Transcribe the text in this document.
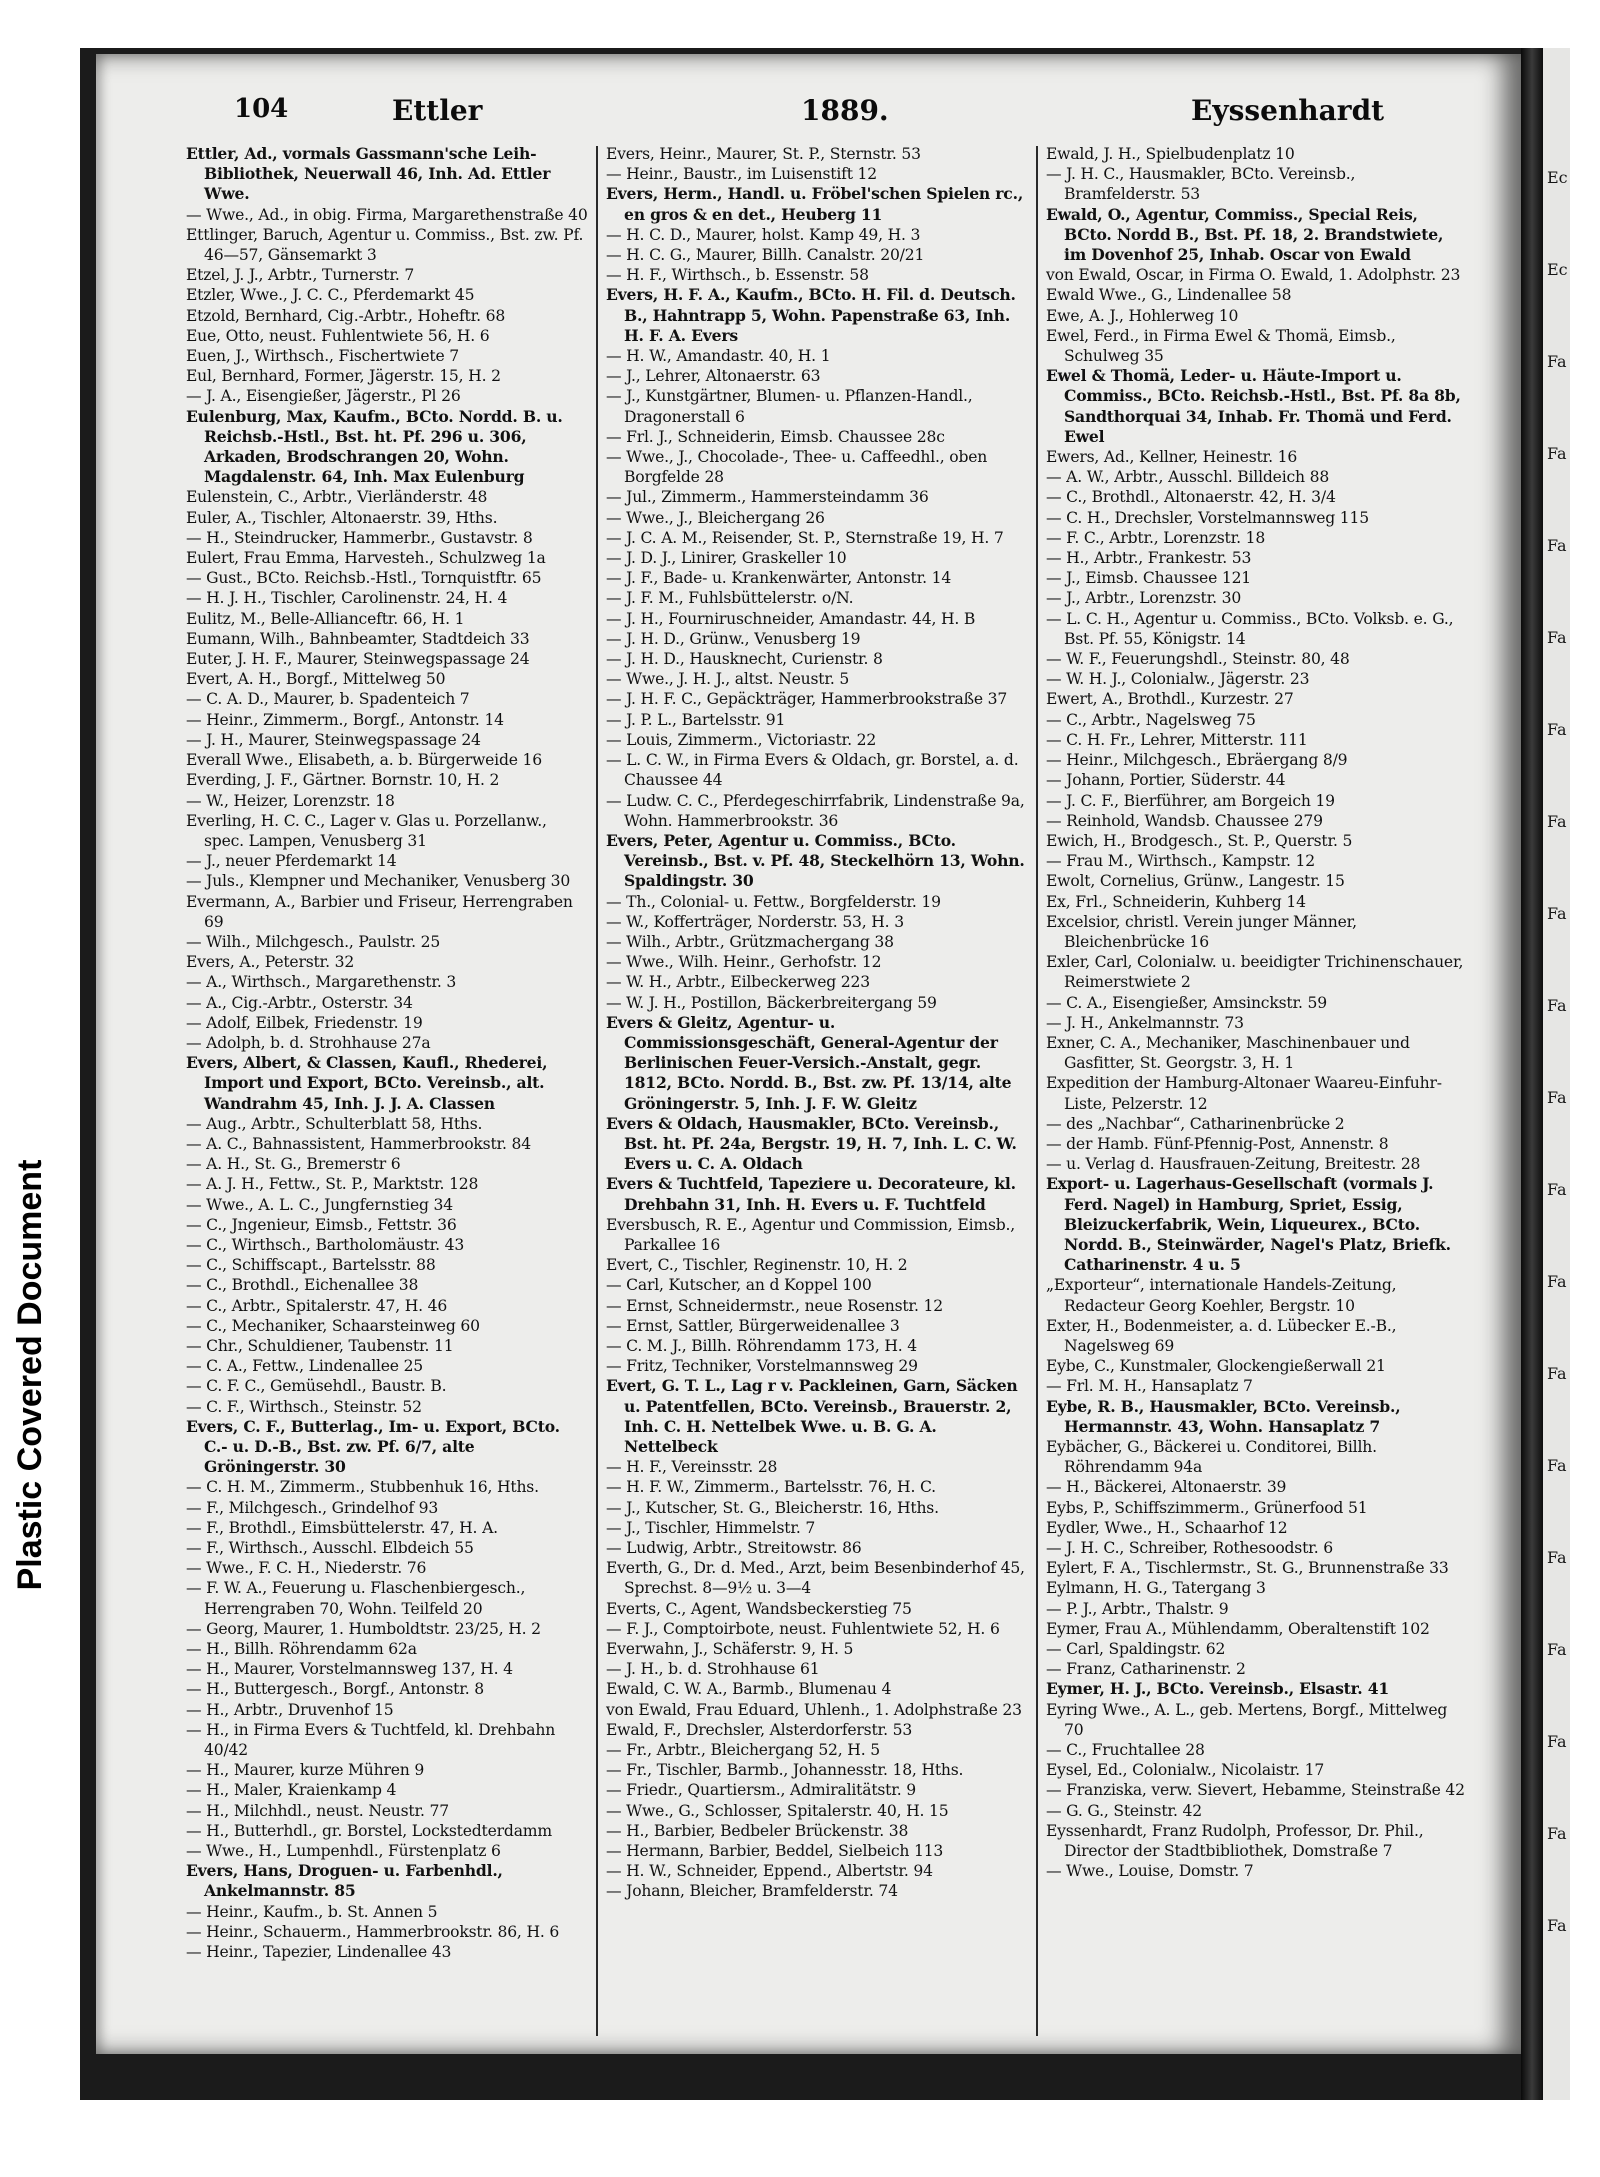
Plastic Covered Document
104	Ettler	1889.	Eyssenhardt

Ettler, Ad., vormals Gassmann'sche Leih-Bibliothek, Neuerwall 46, Inh. Ad. Ettler Wwe.

— Wwe., Ad., in obig. Firma, Margarethenstraße 40

Ettlinger, Baruch, Agentur u. Commiss., Bst. zw. Pf. 46—57, Gänsemarkt 3

Etzel, J. J., Arbtr., Turnerstr. 7

Etzler, Wwe., J. C. C., Pferdemarkt 45

Etzold, Bernhard, Cig.-Arbtr., Hoheftr. 68

Eue, Otto, neust. Fuhlentwiete 56, H. 6

Euen, J., Wirthsch., Fischertwiete 7

Eul, Bernhard, Former, Jägerstr. 15, H. 2

— J. A., Eisengießer, Jägerstr., Pl 26

Eulenburg, Max, Kaufm., BCto. Nordd. B. u. Reichsb.-Hstl., Bst. ht. Pf. 296 u. 306, Arkaden, Brodschrangen 20, Wohn. Magdalenstr. 64, Inh. Max Eulenburg

Eulenstein, C., Arbtr., Vierländerstr. 48

Euler, A., Tischler, Altonaerstr. 39, Hths.

— H., Steindrucker, Hammerbr., Gustavstr. 8

Eulert, Frau Emma, Harvesteh., Schulzweg 1a

— Gust., BCto. Reichsb.-Hstl., Tornquistftr. 65

— H. J. H., Tischler, Carolinenstr. 24, H. 4

Eulitz, M., Belle-Allianceftr. 66, H. 1

Eumann, Wilh., Bahnbeamter, Stadtdeich 33

Euter, J. H. F., Maurer, Steinwegspassage 24

Evert, A. H., Borgf., Mittelweg 50

— C. A. D., Maurer, b. Spadenteich 7

— Heinr., Zimmerm., Borgf., Antonstr. 14

— J. H., Maurer, Steinwegspassage 24

Everall Wwe., Elisabeth, a. b. Bürgerweide 16

Everding, J. F., Gärtner. Bornstr. 10, H. 2

— W., Heizer, Lorenzstr. 18

Everling, H. C. C., Lager v. Glas u. Porzellanw., spec. Lampen, Venusberg 31

— J., neuer Pferdemarkt 14

— Juls., Klempner und Mechaniker, Venusberg 30

Evermann, A., Barbier und Friseur, Herrengraben 69

— Wilh., Milchgesch., Paulstr. 25

Evers, A., Peterstr. 32

— A., Wirthsch., Margarethenstr. 3

— A., Cig.-Arbtr., Osterstr. 34

— Adolf, Eilbek, Friedenstr. 19

— Adolph, b. d. Strohhause 27a

Evers, Albert, & Classen, Kaufl., Rhederei, Import und Export, BCto. Vereinsb., alt. Wandrahm 45, Inh. J. J. A. Classen

— Aug., Arbtr., Schulterblatt 58, Hths.

— A. C., Bahnassistent, Hammerbrookstr. 84

— A. H., St. G., Bremerstr 6

— A. J. H., Fettw., St. P., Marktstr. 128

— Wwe., A. L. C., Jungfernstieg 34

— C., Jngenieur, Eimsb., Fettstr. 36

— C., Wirthsch., Bartholomäustr. 43

— C., Schiffscapt., Bartelsstr. 88

— C., Brothdl., Eichenallee 38

— C., Arbtr., Spitalerstr. 47, H. 46

— C., Mechaniker, Schaarsteinweg 60

— Chr., Schuldiener, Taubenstr. 11

— C. A., Fettw., Lindenallee 25

— C. F. C., Gemüsehdl., Baustr. B.

— C. F., Wirthsch., Steinstr. 52

Evers, C. F., Butterlag., Im- u. Export, BCto. C.- u. D.-B., Bst. zw. Pf. 6/7, alte Gröningerstr. 30

— C. H. M., Zimmerm., Stubbenhuk 16, Hths.

— F., Milchgesch., Grindelhof 93

— F., Brothdl., Eimsbüttelerstr. 47, H. A.

— F., Wirthsch., Ausschl. Elbdeich 55

— Wwe., F. C. H., Niederstr. 76

— F. W. A., Feuerung u. Flaschenbiergesch., Herrengraben 70, Wohn. Teilfeld 20

— Georg, Maurer, 1. Humboldtstr. 23/25, H. 2

— H., Billh. Röhrendamm 62a

— H., Maurer, Vorstelmannsweg 137, H. 4

— H., Buttergesch., Borgf., Antonstr. 8

— H., Arbtr., Druvenhof 15

— H., in Firma Evers & Tuchtfeld, kl. Drehbahn 40/42

— H., Maurer, kurze Mühren 9

— H., Maler, Kraienkamp 4

— H., Milchhdl., neust. Neustr. 77

— H., Butterhdl., gr. Borstel, Lockstedterdamm

— Wwe., H., Lumpenhdl., Fürstenplatz 6

Evers, Hans, Droguen- u. Farbenhdl., Ankelmannstr. 85

— Heinr., Kaufm., b. St. Annen 5

— Heinr., Schauerm., Hammerbrookstr. 86, H. 6

— Heinr., Tapezier, Lindenallee 43

Evers, Heinr., Maurer, St. P., Sternstr. 53

— Heinr., Baustr., im Luisenstift 12

Evers, Herm., Handl. u. Fröbel'schen Spielen rc., en gros & en det., Heuberg 11

— H. C. D., Maurer, holst. Kamp 49, H. 3

— H. C. G., Maurer, Billh. Canalstr. 20/21

— H. F., Wirthsch., b. Essenstr. 58

Evers, H. F. A., Kaufm., BCto. H. Fil. d. Deutsch. B., Hahntrapp 5, Wohn. Papenstraße 63, Inh. H. F. A. Evers

— H. W., Amandastr. 40, H. 1

— J., Lehrer, Altonaerstr. 63

— J., Kunstgärtner, Blumen- u. Pflanzen-Handl., Dragonerstall 6

— Frl. J., Schneiderin, Eimsb. Chaussee 28c

— Wwe., J., Chocolade-, Thee- u. Caffeedhl., oben Borgfelde 28

— Jul., Zimmerm., Hammersteindamm 36

— Wwe., J., Bleichergang 26

— J. C. A. M., Reisender, St. P., Sternstraße 19, H. 7

— J. D. J., Linirer, Graskeller 10

— J. F., Bade- u. Krankenwärter, Antonstr. 14

— J. F. M., Fuhlsbüttelerstr. o/N.

— J. H., Fourniruschneider, Amandastr. 44, H. B

— J. H. D., Grünw., Venusberg 19

— J. H. D., Hausknecht, Curienstr. 8

— Wwe., J. H. J., altst. Neustr. 5

— J. H. F. C., Gepäckträger, Hammerbrookstraße 37

— J. P. L., Bartelsstr. 91

— Louis, Zimmerm., Victoriastr. 22

— L. C. W., in Firma Evers & Oldach, gr. Borstel, a. d. Chaussee 44

— Ludw. C. C., Pferdegeschirrfabrik, Lindenstraße 9a, Wohn. Hammerbrookstr. 36

Evers, Peter, Agentur u. Commiss., BCto. Vereinsb., Bst. v. Pf. 48, Steckelhörn 13, Wohn. Spaldingstr. 30

— Th., Colonial- u. Fettw., Borgfelderstr. 19

— W., Kofferträger, Norderstr. 53, H. 3

— Wilh., Arbtr., Grützmachergang 38

— Wwe., Wilh. Heinr., Gerhofstr. 12

— W. H., Arbtr., Eilbeckerweg 223

— W. J. H., Postillon, Bäckerbreitergang 59

Evers & Gleitz, Agentur- u. Commissionsgeschäft, General-Agentur der Berlinischen Feuer-Versich.-Anstalt, gegr. 1812, BCto. Nordd. B., Bst. zw. Pf. 13/14, alte Gröningerstr. 5, Inh. J. F. W. Gleitz

Evers & Oldach, Hausmakler, BCto. Vereinsb., Bst. ht. Pf. 24a, Bergstr. 19, H. 7, Inh. L. C. W. Evers u. C. A. Oldach

Evers & Tuchtfeld, Tapeziere u. Decorateure, kl. Drehbahn 31, Inh. H. Evers u. F. Tuchtfeld

Eversbusch, R. E., Agentur und Commission, Eimsb., Parkallee 16

Evert, C., Tischler, Reginenstr. 10, H. 2

— Carl, Kutscher, an d Koppel 100

— Ernst, Schneidermstr., neue Rosenstr. 12

— Ernst, Sattler, Bürgerweidenallee 3

— C. M. J., Billh. Röhrendamm 173, H. 4

— Fritz, Techniker, Vorstelmannsweg 29

Evert, G. T. L., Lag r v. Packleinen, Garn, Säcken u. Patentfellen, BCto. Vereinsb., Brauerstr. 2, Inh. C. H. Nettelbek Wwe. u. B. G. A. Nettelbeck

— H. F., Vereinsstr. 28

— H. F. W., Zimmerm., Bartelsstr. 76, H. C.

— J., Kutscher, St. G., Bleicherstr. 16, Hths.

— J., Tischler, Himmelstr. 7

— Ludwig, Arbtr., Streitowstr. 86

Everth, G., Dr. d. Med., Arzt, beim Besenbinderhof 45, Sprechst. 8—9½ u. 3—4

Everts, C., Agent, Wandsbeckerstieg 75

— F. J., Comptoirbote, neust. Fuhlentwiete 52, H. 6

Everwahn, J., Schäferstr. 9, H. 5

— J. H., b. d. Strohhause 61

Ewald, C. W. A., Barmb., Blumenau 4

von Ewald, Frau Eduard, Uhlenh., 1. Adolphstraße 23

Ewald, F., Drechsler, Alsterdorferstr. 53

— Fr., Arbtr., Bleichergang 52, H. 5

— Fr., Tischler, Barmb., Johannesstr. 18, Hths.

— Friedr., Quartiersm., Admiralitätstr. 9

— Wwe., G., Schlosser, Spitalerstr. 40, H. 15

— H., Barbier, Bedbeler Brückenstr. 38

— Hermann, Barbier, Beddel, Sielbeich 113

— H. W., Schneider, Eppend., Albertstr. 94

— Johann, Bleicher, Bramfelderstr. 74

Ewald, J. H., Spielbudenplatz 10

— J. H. C., Hausmakler, BCto. Vereinsb., Bramfelderstr. 53

Ewald, O., Agentur, Commiss., Special Reis, BCto. Nordd B., Bst. Pf. 18, 2. Brandstwiete, im Dovenhof 25, Inhab. Oscar von Ewald

von Ewald, Oscar, in Firma O. Ewald, 1. Adolphstr. 23

Ewald Wwe., G., Lindenallee 58

Ewe, A. J., Hohlerweg 10

Ewel, Ferd., in Firma Ewel & Thomä, Eimsb., Schulweg 35

Ewel & Thomä, Leder- u. Häute-Import u. Commiss., BCto. Reichsb.-Hstl., Bst. Pf. 8a 8b, Sandthorquai 34, Inhab. Fr. Thomä und Ferd. Ewel

Ewers, Ad., Kellner, Heinestr. 16

— A. W., Arbtr., Ausschl. Billdeich 88

— C., Brothdl., Altonaerstr. 42, H. 3/4

— C. H., Drechsler, Vorstelmannsweg 115

— F. C., Arbtr., Lorenzstr. 18

— H., Arbtr., Frankestr. 53

— J., Eimsb. Chaussee 121

— J., Arbtr., Lorenzstr. 30

— L. C. H., Agentur u. Commiss., BCto. Volksb. e. G., Bst. Pf. 55, Königstr. 14

— W. F., Feuerungshdl., Steinstr. 80, 48

— W. H. J., Colonialw., Jägerstr. 23

Ewert, A., Brothdl., Kurzestr. 27

— C., Arbtr., Nagelsweg 75

— C. H. Fr., Lehrer, Mitterstr. 111

— Heinr., Milchgesch., Ebräergang 8/9

— Johann, Portier, Süderstr. 44

— J. C. F., Bierführer, am Borgeich 19

— Reinhold, Wandsb. Chaussee 279

Ewich, H., Brodgesch., St. P., Querstr. 5

— Frau M., Wirthsch., Kampstr. 12

Ewolt, Cornelius, Grünw., Langestr. 15

Ex, Frl., Schneiderin, Kuhberg 14

Excelsior, christl. Verein junger Männer, Bleichenbrücke 16

Exler, Carl, Colonialw. u. beeidigter Trichinenschauer, Reimerstwiete 2

— C. A., Eisengießer, Amsinckstr. 59

— J. H., Ankelmannstr. 73

Exner, C. A., Mechaniker, Maschinenbauer und Gasfitter, St. Georgstr. 3, H. 1

Expedition der Hamburg-Altonaer Waareu-Einfuhr-Liste, Pelzerstr. 12

— des „Nachbar“, Catharinenbrücke 2

— der Hamb. Fünf-Pfennig-Post, Annenstr. 8

— u. Verlag d. Hausfrauen-Zeitung, Breitestr. 28

Export- u. Lagerhaus-Gesellschaft (vormals J. Ferd. Nagel) in Hamburg, Spriet, Essig, Bleizuckerfabrik, Wein, Liqueurex., BCto. Nordd. B., Steinwärder, Nagel's Platz, Briefk. Catharinenstr. 4 u. 5

„Exporteur“, internationale Handels-Zeitung, Redacteur Georg Koehler, Bergstr. 10

Exter, H., Bodenmeister, a. d. Lübecker E.-B., Nagelsweg 69

Eybe, C., Kunstmaler, Glockengießerwall 21

— Frl. M. H., Hansaplatz 7

Eybe, R. B., Hausmakler, BCto. Vereinsb., Hermannstr. 43, Wohn. Hansaplatz 7

Eybächer, G., Bäckerei u. Conditorei, Billh. Röhrendamm 94a

— H., Bäckerei, Altonaerstr. 39

Eybs, P., Schiffszimmerm., Grünerfood 51

Eydler, Wwe., H., Schaarhof 12

— J. H. C., Schreiber, Rothesoodstr. 6

Eylert, F. A., Tischlermstr., St. G., Brunnenstraße 33

Eylmann, H. G., Tatergang 3

— P. J., Arbtr., Thalstr. 9

Eymer, Frau A., Mühlendamm, Oberaltenstift 102

— Carl, Spaldingstr. 62

— Franz, Catharinenstr. 2

Eymer, H. J., BCto. Vereinsb., Elsastr. 41

Eyring Wwe., A. L., geb. Mertens, Borgf., Mittelweg 70

— C., Fruchtallee 28

Eysel, Ed., Colonialw., Nicolaistr. 17

— Franziska, verw. Sievert, Hebamme, Steinstraße 42

— G. G., Steinstr. 42

Eyssenhardt, Franz Rudolph, Professor, Dr. Phil., Director der Stadtbibliothek, Domstraße 7

— Wwe., Louise, Domstr. 7

Ec
Ec
Fa
Fa
Fa
Fa
Fa
Fa
Fa
Fa
Fa
Fa
Fa
Fa
Fa
Fa
Fa
Fa
Fa
Fa
